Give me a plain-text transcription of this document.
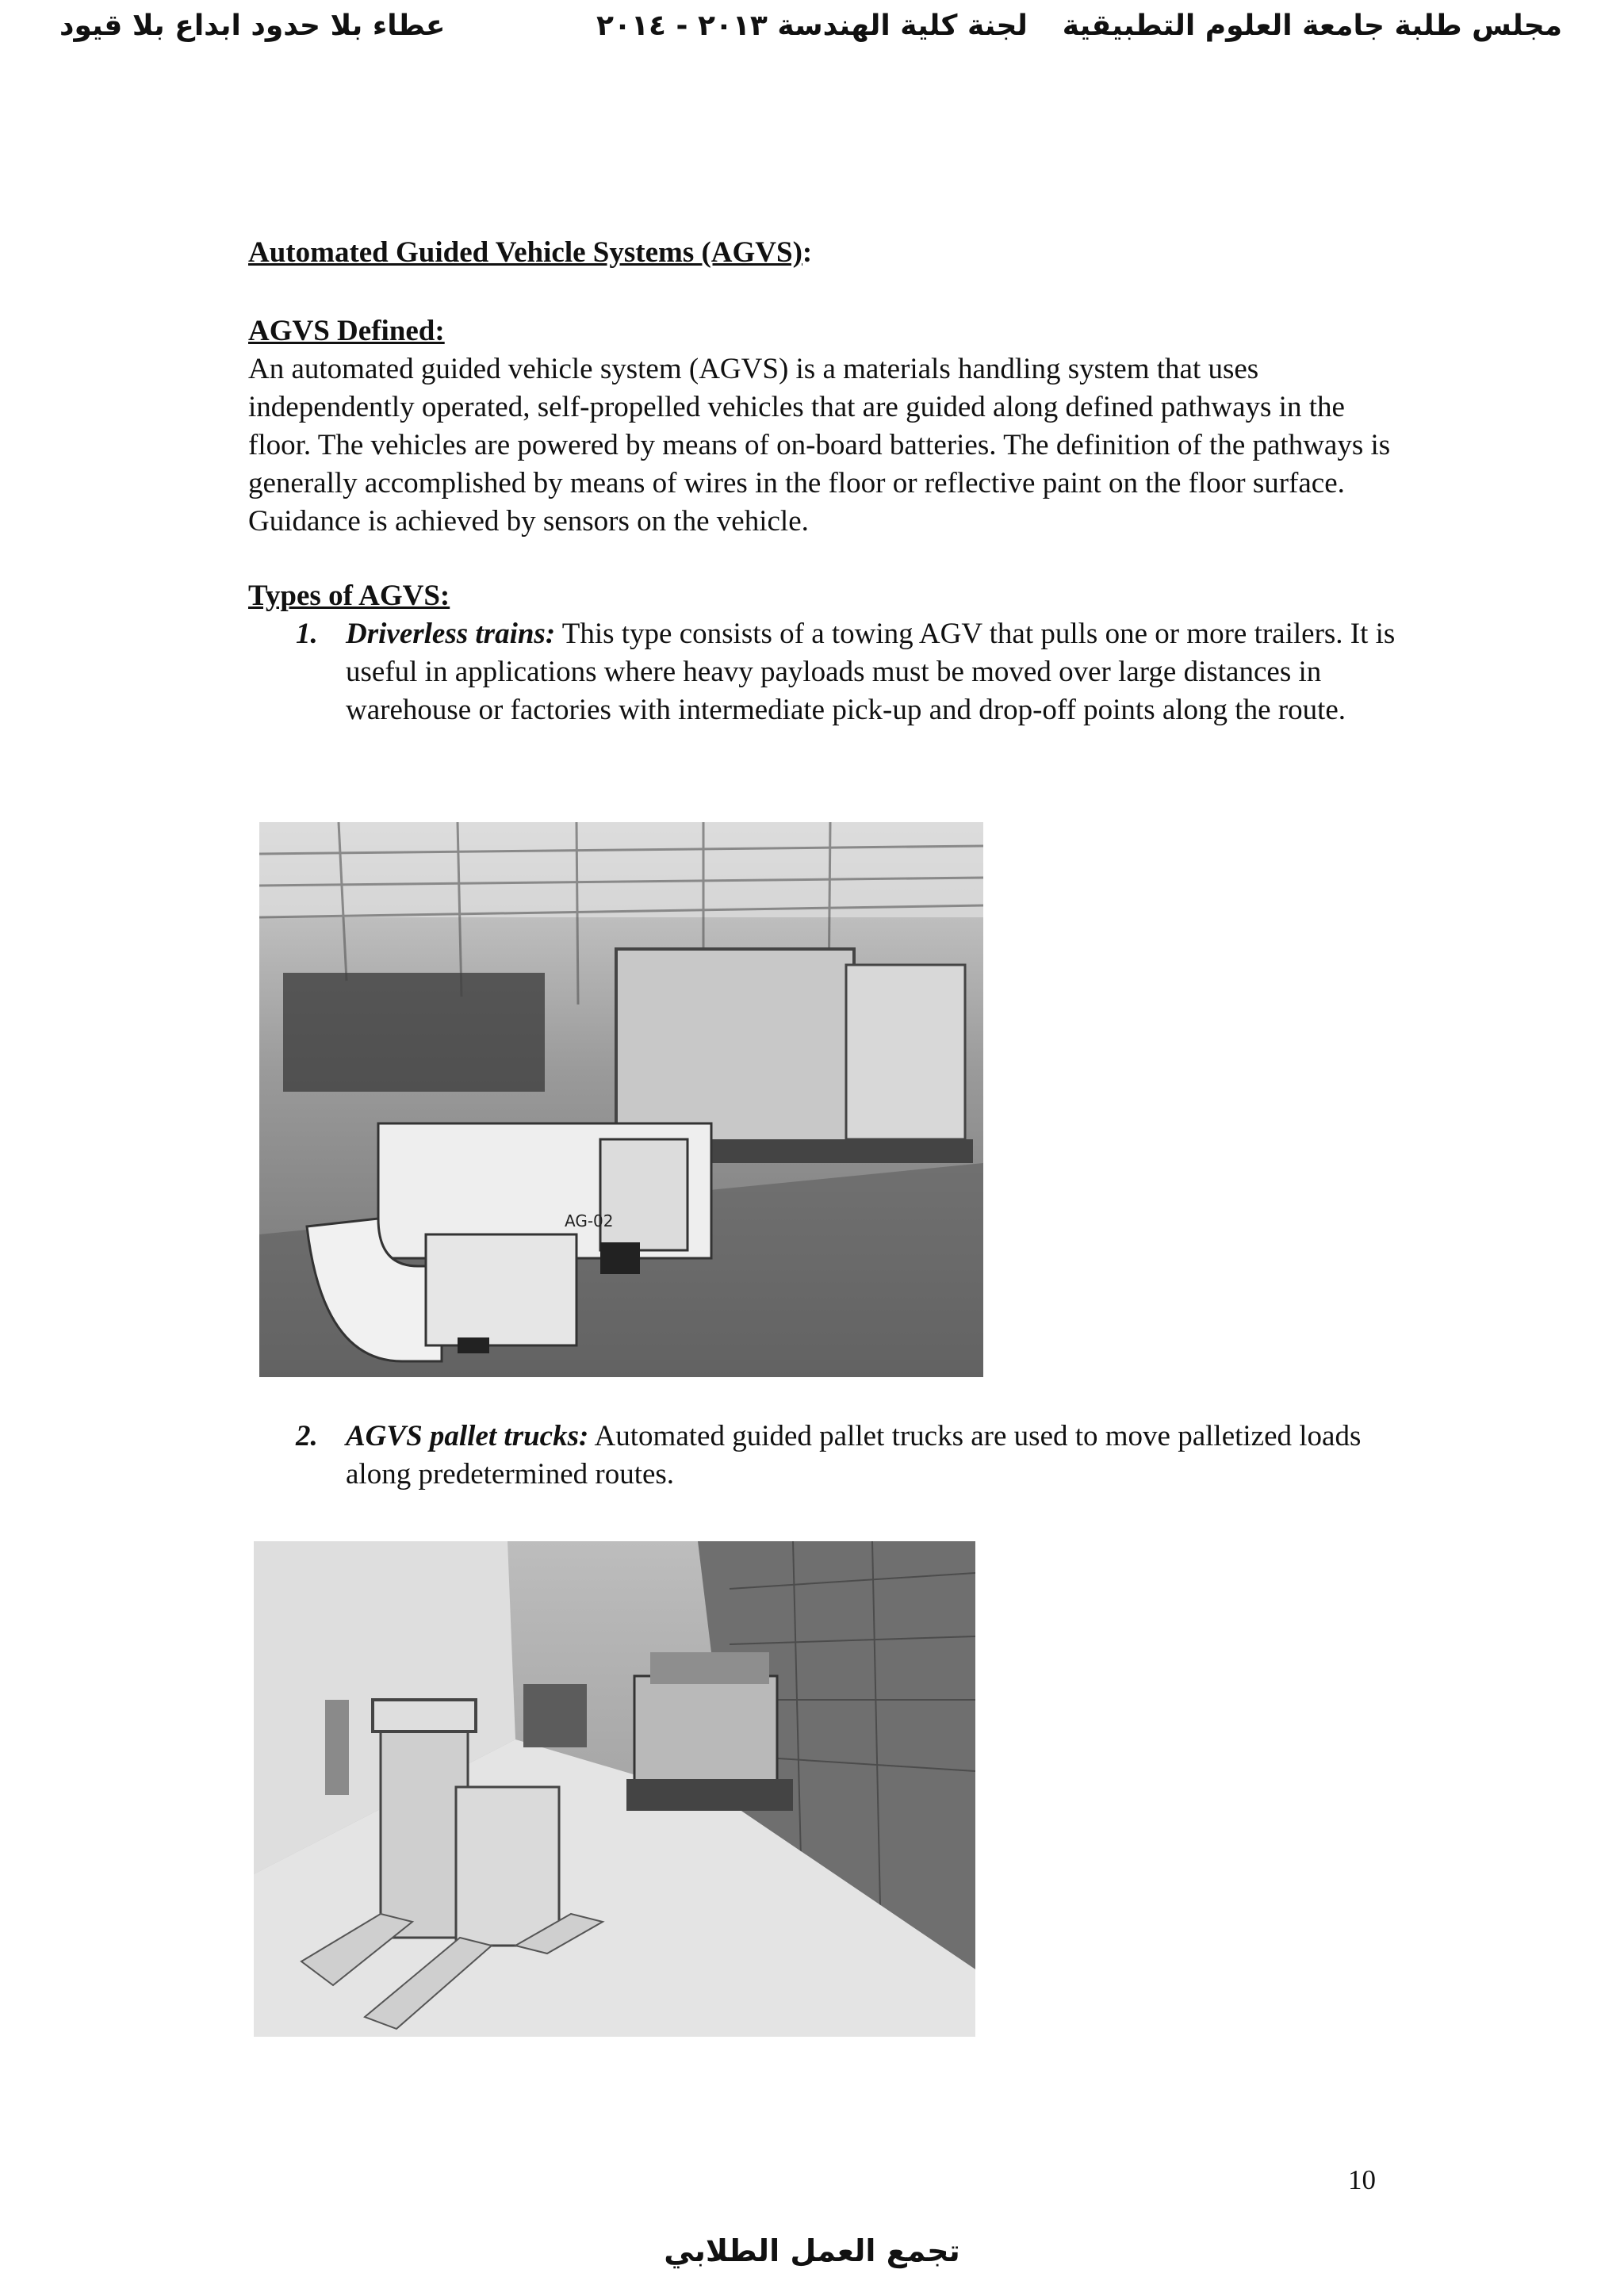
عطاء بلا حدود ابداع بلا قيود	لجنة كلية الهندسة ٢٠١٣ - ٢٠١٤	مجلس طلبة جامعة العلوم التطبيقية
Automated Guided Vehicle Systems (AGVS):
AGVS Defined:
An automated guided vehicle system (AGVS) is a materials handling system that uses independently operated, self-propelled vehicles that are guided along defined pathways in the floor. The vehicles are powered by means of on-board batteries. The definition of the pathways is generally accomplished by means of wires in the floor or reflective paint on the floor surface. Guidance is achieved by sensors on the vehicle.
Types of AGVS:
1. Driverless trains: This type consists of a towing AGV that pulls one or more trailers. It is useful in applications where heavy payloads must be moved over large distances in warehouse or factories with intermediate pick-up and drop-off points along the route.
AG-02
2. AGVS pallet trucks: Automated guided pallet trucks are used to move palletized loads along predetermined routes.
10
تجمع العمل الطلابي
